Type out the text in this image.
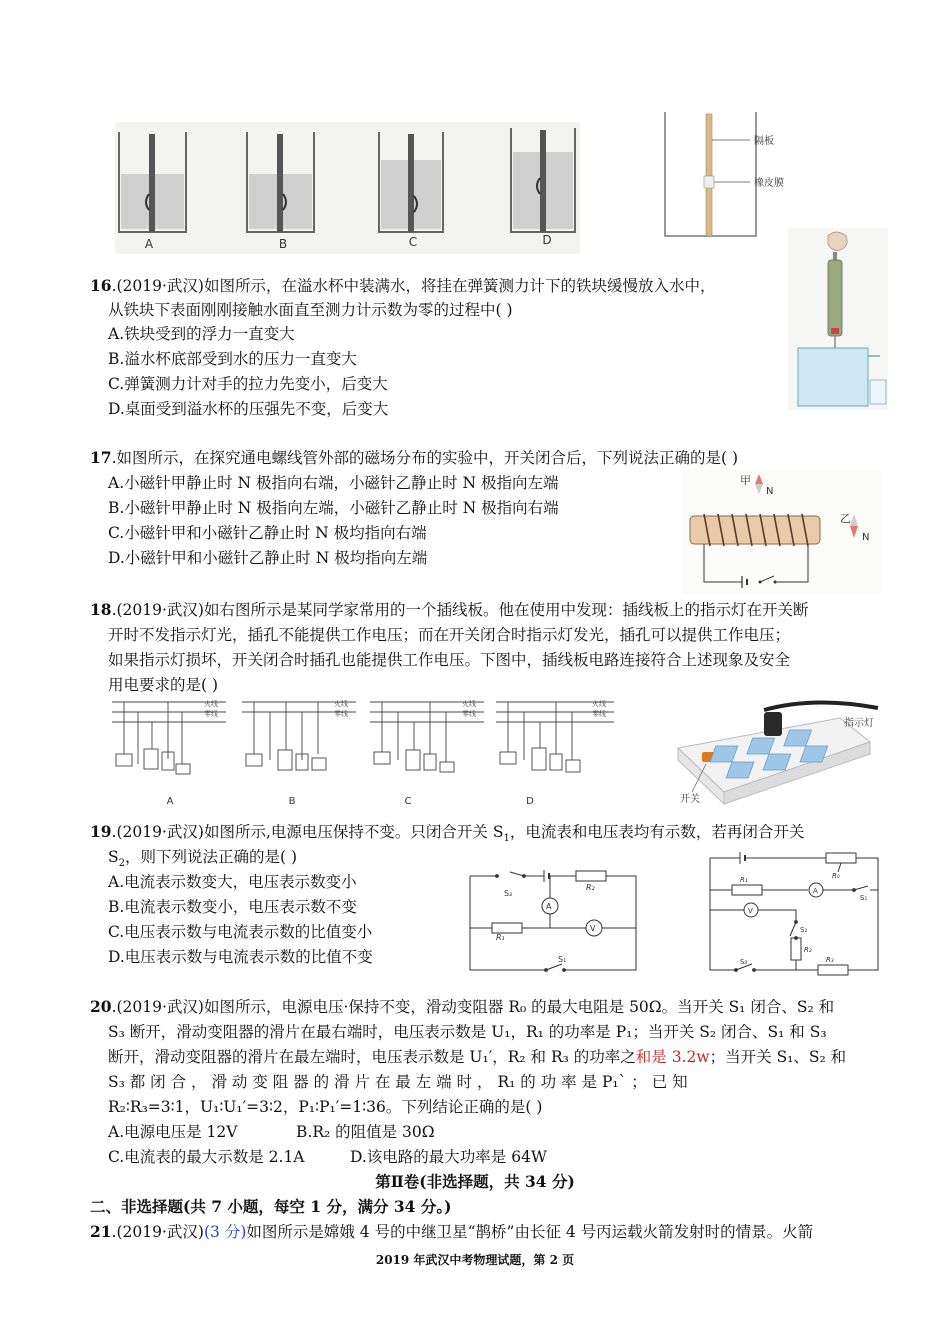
A	B	C	D
隔板
橡皮膜
16.(2019·武汉)如图所示，在溢水杯中装满水，将挂在弹簧测力计下的铁块缓慢放入水中，
从铁块下表面刚刚接触水面直至测力计示数为零的过程中( )
A.铁块受到的浮力一直变大
B.溢水杯底部受到水的压力一直变大
C.弹簧测力计对手的拉力先变小，后变大
D.桌面受到溢水杯的压强先不变，后变大
17.如图所示，在探究通电螺线管外部的磁场分布的实验中，开关闭合后，下列说法正确的是( )
A.小磁针甲静止时 N 极指向右端，小磁针乙静止时 N 极指向左端
B.小磁针甲静止时 N 极指向左端，小磁针乙静止时 N 极指向右端
C.小磁针甲和小磁针乙静止时 N 极均指向右端
D.小磁针甲和小磁针乙静止时 N 极均指向左端
甲
N
乙
N
18.(2019·武汉)如右图所示是某同学家常用的一个插线板。他在使用中发现：插线板上的指示灯在开关断
开时不发指示灯光，插孔不能提供工作电压；而在开关闭合时指示灯发光，插孔可以提供工作电压；
如果指示灯损坏，开关闭合时插孔也能提供工作电压。下图中，插线板电路连接符合上述现象及安全
用电要求的是( )
火线
零线
火线
零线
火线
零线
火线
零线
A	B	C	D
指示灯
开关
19.(2019·武汉)如图所示,电源电压保持不变。只闭合开关 $S_1$，电流表和电压表均有示数，若再闭合开关
$S_2$，则下列说法正确的是( )
A.电流表示数变大，电压表示数变小
B.电流表示数变小，电压表示数不变
C.电压表示数与电流表示数的比值变小
D.电压表示数与电流表示数的比值不变
S₂
R₂
R₁
A
V
S₁
R₁	R₀
A
V
S₁
S₂
R₂
S₃	R₃
20.(2019·武汉)如图所示，电源电压·保持不变，滑动变阻器 R₀ 的最大电阻是 50Ω。当开关 S₁ 闭合、S₂ 和
S₃ 断开，滑动变阻器的滑片在最右端时，电压表示数是 U₁，R₁ 的功率是 P₁；当开关 S₂ 闭合、S₁ 和 S₃
断开，滑动变阻器的滑片在最左端时，电压表示数是 U₁′，R₂ 和 R₃ 的功率之和是 3.2w；当开关 S₁、S₂ 和
S₃ 都 闭 合 ， 滑 动 变 阻 器 的 滑 片 在 最 左 端 时 ， R₁ 的 功 率 是 P₁` ； 已 知
R₂∶R₃=3∶1，U₁∶U₁′=3∶2，P₁∶P₁′=1∶36。下列结论正确的是( )
A.电源电压是 12V	B.R₂ 的阻值是 30Ω
C.电流表的最大示数是 2.1A	D.该电路的最大功率是 64W
第Ⅱ卷(非选择题，共 34 分)
二、非选择题(共 7 小题，每空 1 分，满分 34 分。)
21.(2019·武汉)(3 分)如图所示是嫦娥 4 号的中继卫星“鹊桥”由长征 4 号丙运载火箭发射时的情景。火箭
2019 年武汉中考物理试题，第 2 页
